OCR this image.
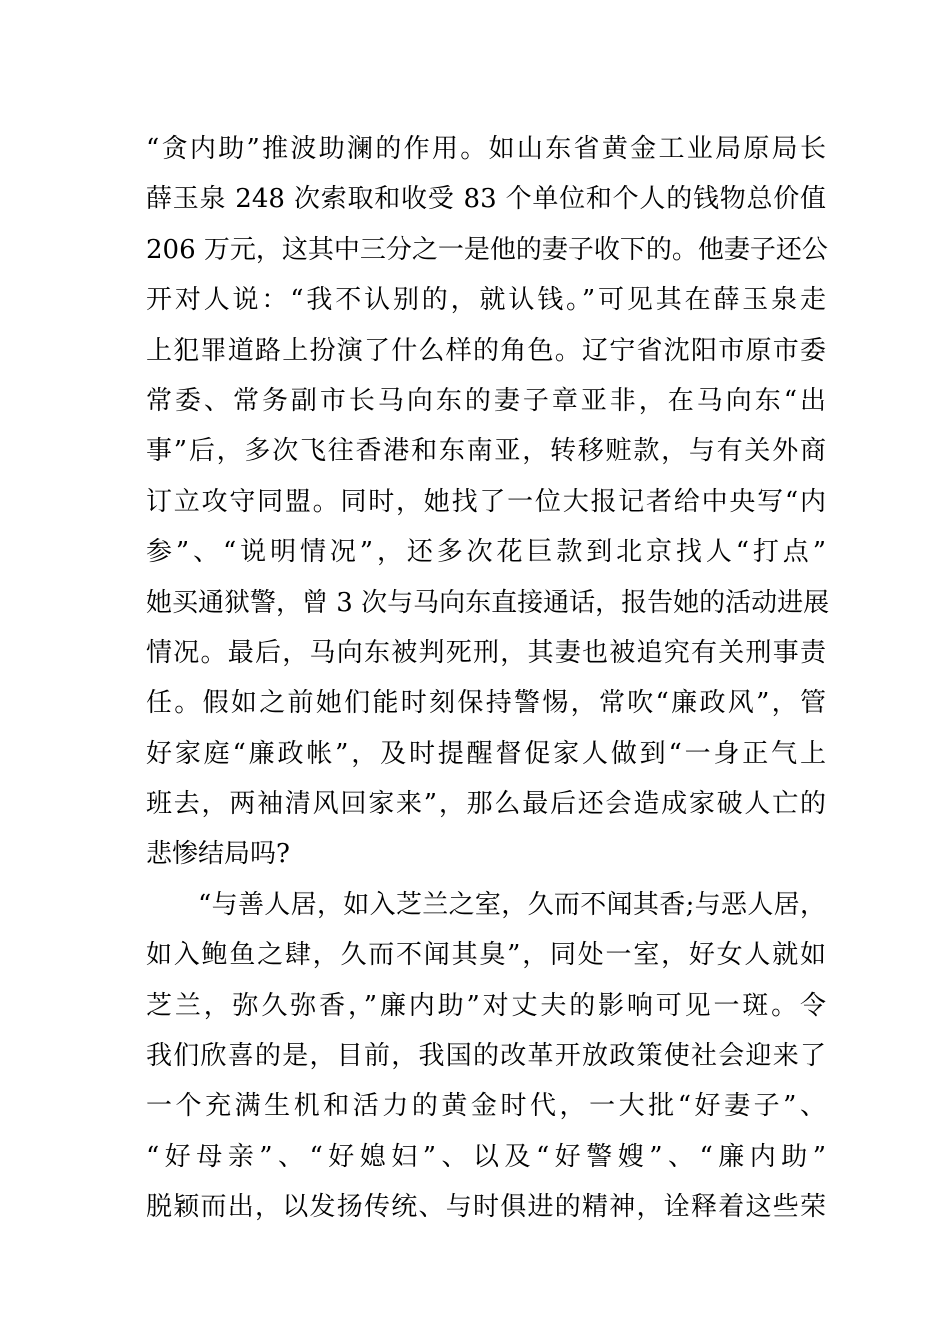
“贪内助”推波助澜的作用。如山东省黄金工业局原局长
薛玉泉 248 次索取和收受 83 个单位和个人的钱物总价值
206 万元，这其中三分之一是他的妻子收下的。他妻子还公
开对人说：“我不认别的，就认钱。”可见其在薛玉泉走
上犯罪道路上扮演了什么样的角色。辽宁省沈阳市原市委
常委、常务副市长马向东的妻子章亚非，在马向东“出
事”后，多次飞往香港和东南亚，转移赃款，与有关外商
订立攻守同盟。同时，她找了一位大报记者给中央写“内
参”、“说明情况”，还多次花巨款到北京找人“打点”
她买通狱警，曾 3 次与马向东直接通话，报告她的活动进展
情况。最后，马向东被判死刑，其妻也被追究有关刑事责
任。假如之前她们能时刻保持警惕，常吹“廉政风”，管
好家庭“廉政帐”，及时提醒督促家人做到“一身正气上
班去，两袖清风回家来”，那么最后还会造成家破人亡的
悲惨结局吗?
“与善人居，如入芝兰之室，久而不闻其香;与恶人居，
如入鲍鱼之肆，久而不闻其臭”，同处一室，好女人就如
芝兰，弥久弥香，”廉内助”对丈夫的影响可见一斑。令
我们欣喜的是，目前，我国的改革开放政策使社会迎来了
一个充满生机和活力的黄金时代，一大批“好妻子”、
“好母亲”、“好媳妇”、以及“好警嫂”、“廉内助”
脱颖而出，以发扬传统、与时俱进的精神，诠释着这些荣
